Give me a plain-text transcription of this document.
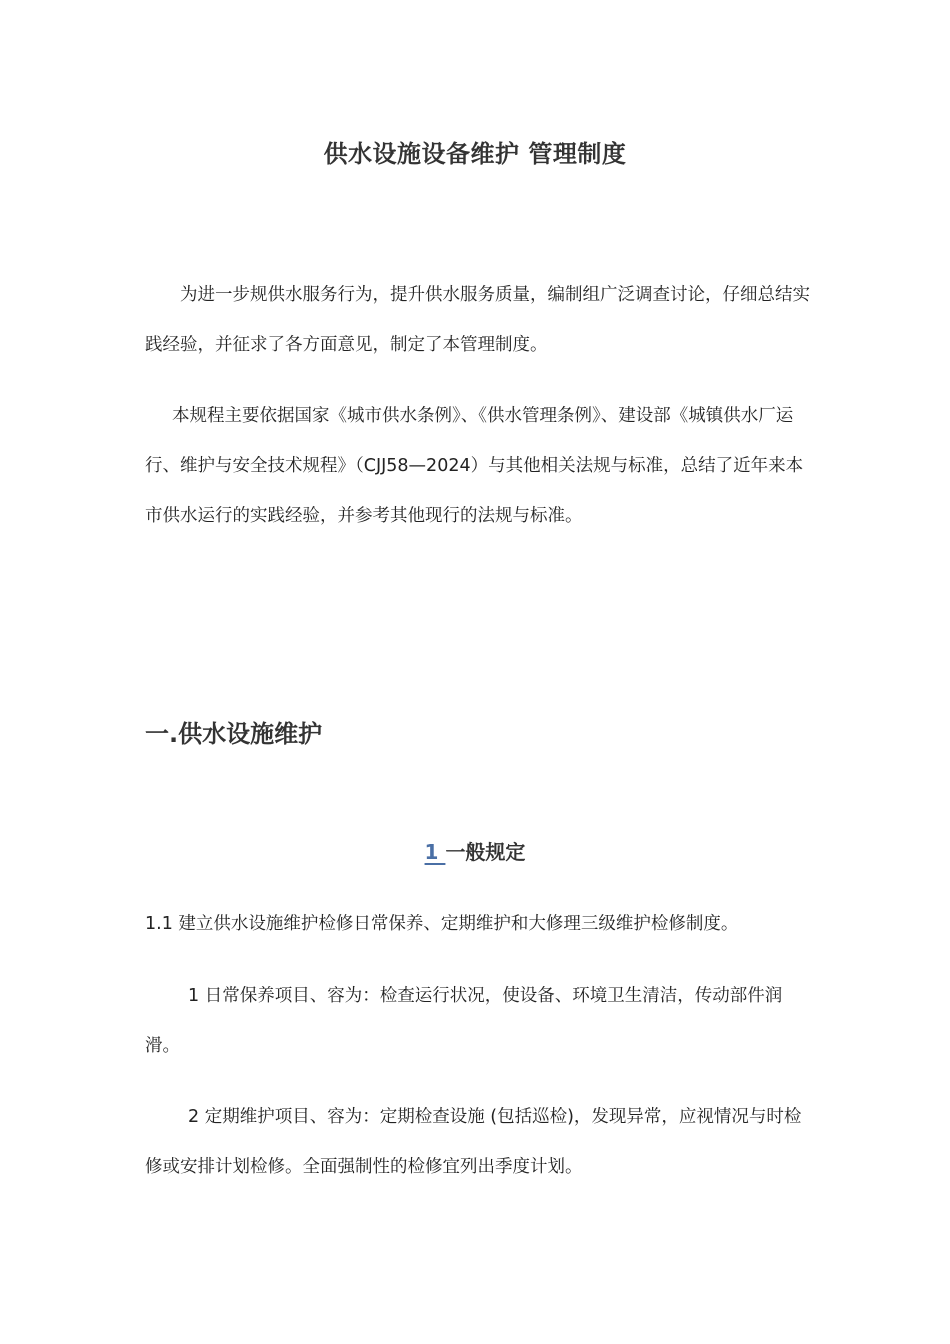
供水设施设备维护 管理制度

为进一步规供水服务行为，提升供水服务质量，编制组广泛调查讨论，仔细总结实践经验，并征求了各方面意见，制定了本管理制度。

本规程主要依据国家《城市供水条例》、《供水管理条例》、建设部《城镇供水厂运行、维护与安全技术规程》（CJJ58—2024）与其他相关法规与标准，总结了近年来本市供水运行的实践经验，并参考其他现行的法规与标准。

一.供水设施维护
1 一般规定

1.1 建立供水设施维护检修日常保养、定期维护和大修理三级维护检修制度。

1 日常保养项目、容为：检查运行状况，使设备、环境卫生清洁，传动部件润滑。

2 定期维护项目、容为：定期检查设施 (包括巡检)，发现异常，应视情况与时检修或安排计划检修。全面强制性的检修宜列出季度计划。
